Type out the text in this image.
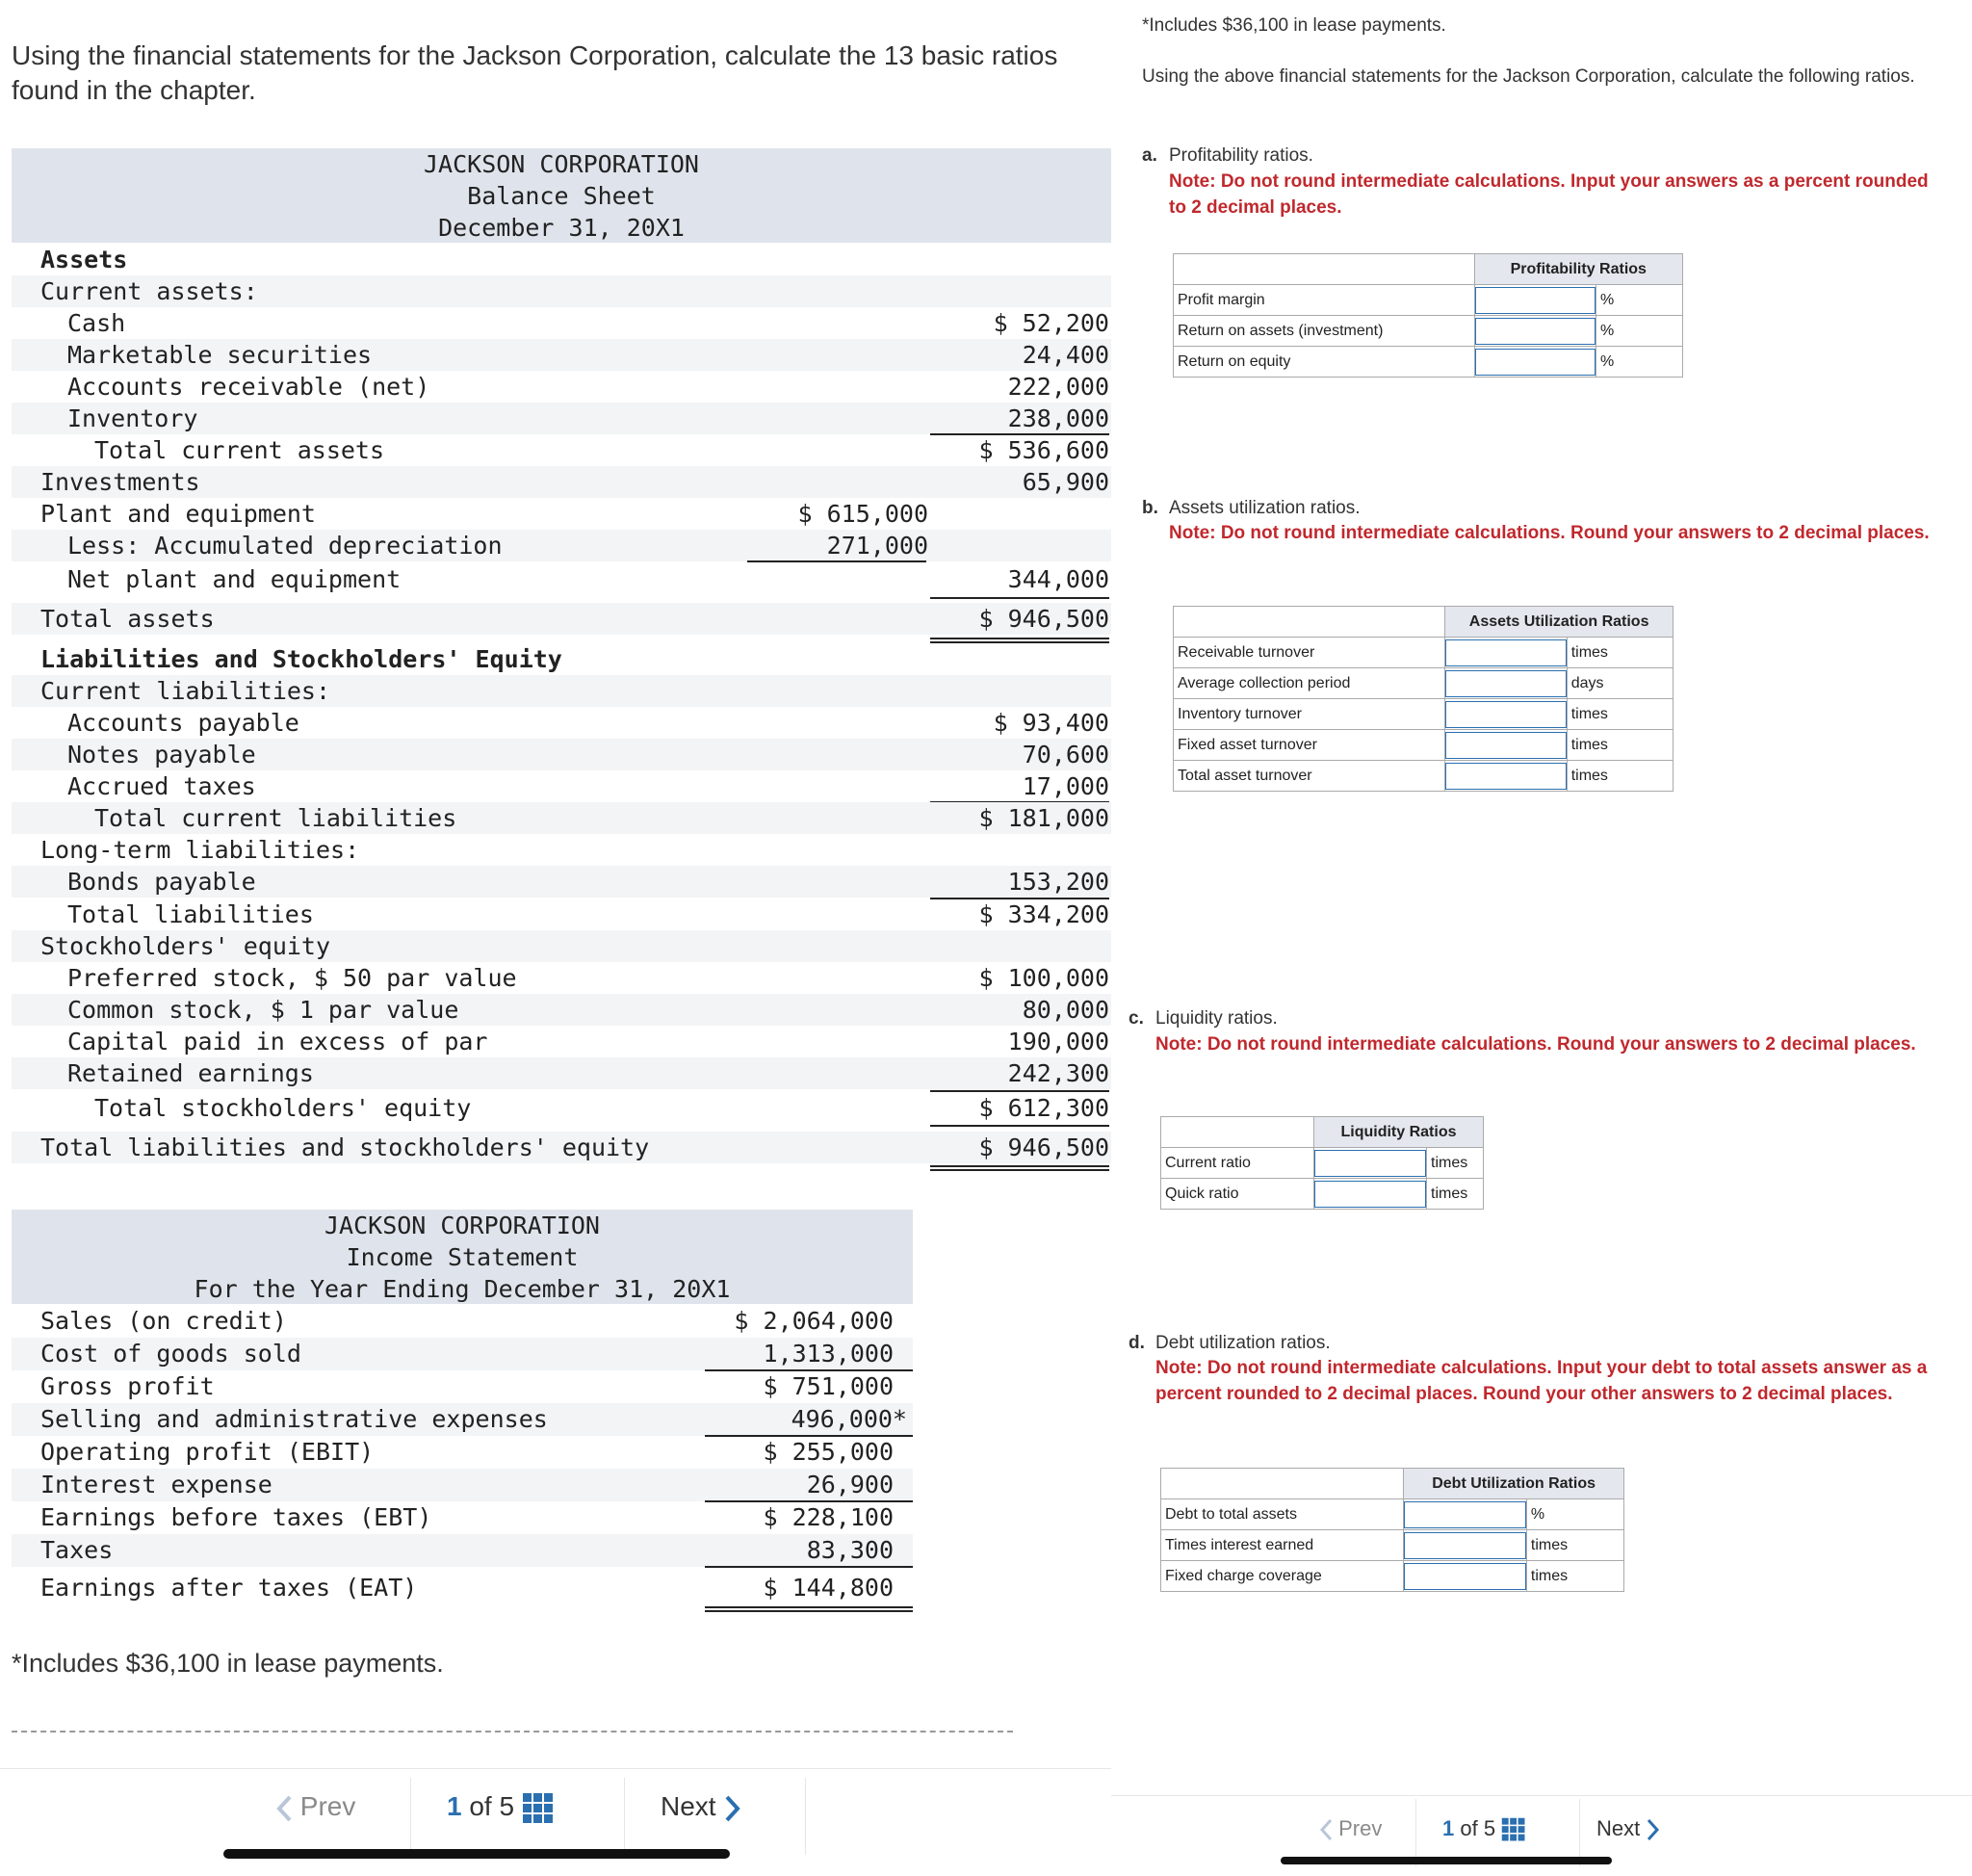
Using the financial statements for the Jackson Corporation, calculate the 13 basic ratios found in the chapter.
JACKSON CORPORATION
Balance Sheet
December 31, 20X1
Assets
Current assets:
Cash	$ 52,200
Marketable securities	24,400
Accounts receivable (net)	222,000
Inventory	238,000
Total current assets	$ 536,600
Investments	65,900
Plant and equipment	$ 615,000
Less: Accumulated depreciation	271,000
Net plant and equipment	344,000
Total assets	$ 946,500
Liabilities and Stockholders' Equity
Current liabilities:
Accounts payable	$ 93,400
Notes payable	70,600
Accrued taxes	17,000
Total current liabilities	$ 181,000
Long-term liabilities:
Bonds payable	153,200
Total liabilities	$ 334,200
Stockholders' equity
Preferred stock, $ 50 par value	$ 100,000
Common stock, $ 1 par value	80,000
Capital paid in excess of par	190,000
Retained earnings	242,300
Total stockholders' equity	$ 612,300
Total liabilities and stockholders' equity	$ 946,500
JACKSON CORPORATION
Income Statement
For the Year Ending December 31, 20X1
Sales (on credit)	$ 2,064,000
Cost of goods sold	1,313,000
Gross profit	$ 751,000
Selling and administrative expenses	496,000*
Operating profit (EBIT)	$ 255,000
Interest expense	26,900
Earnings before taxes (EBT)	$ 228,100
Taxes	83,300
Earnings after taxes (EAT)	$ 144,800
*Includes $36,100 in lease payments.
Prev	1 of 5	Next
*Includes $36,100 in lease payments.
Using the above financial statements for the Jackson Corporation, calculate the following ratios.
a. Profitability ratios.
Note: Do not round intermediate calculations. Input your answers as a percent rounded to 2 decimal places.
	Profitability Ratios	
Profit margin		%
Return on assets (investment)		%
Return on equity		%
b. Assets utilization ratios.
Note: Do not round intermediate calculations. Round your answers to 2 decimal places.
	Assets Utilization Ratios	
Receivable turnover		times
Average collection period		days
Inventory turnover		times
Fixed asset turnover		times
Total asset turnover		times
c. Liquidity ratios.
Note: Do not round intermediate calculations. Round your answers to 2 decimal places.
	Liquidity Ratios	
Current ratio		times
Quick ratio		times
d. Debt utilization ratios.
Note: Do not round intermediate calculations. Input your debt to total assets answer as a percent rounded to 2 decimal places. Round your other answers to 2 decimal places.
	Debt Utilization Ratios	
Debt to total assets		%
Times interest earned		times
Fixed charge coverage		times
Prev	1 of 5	Next
